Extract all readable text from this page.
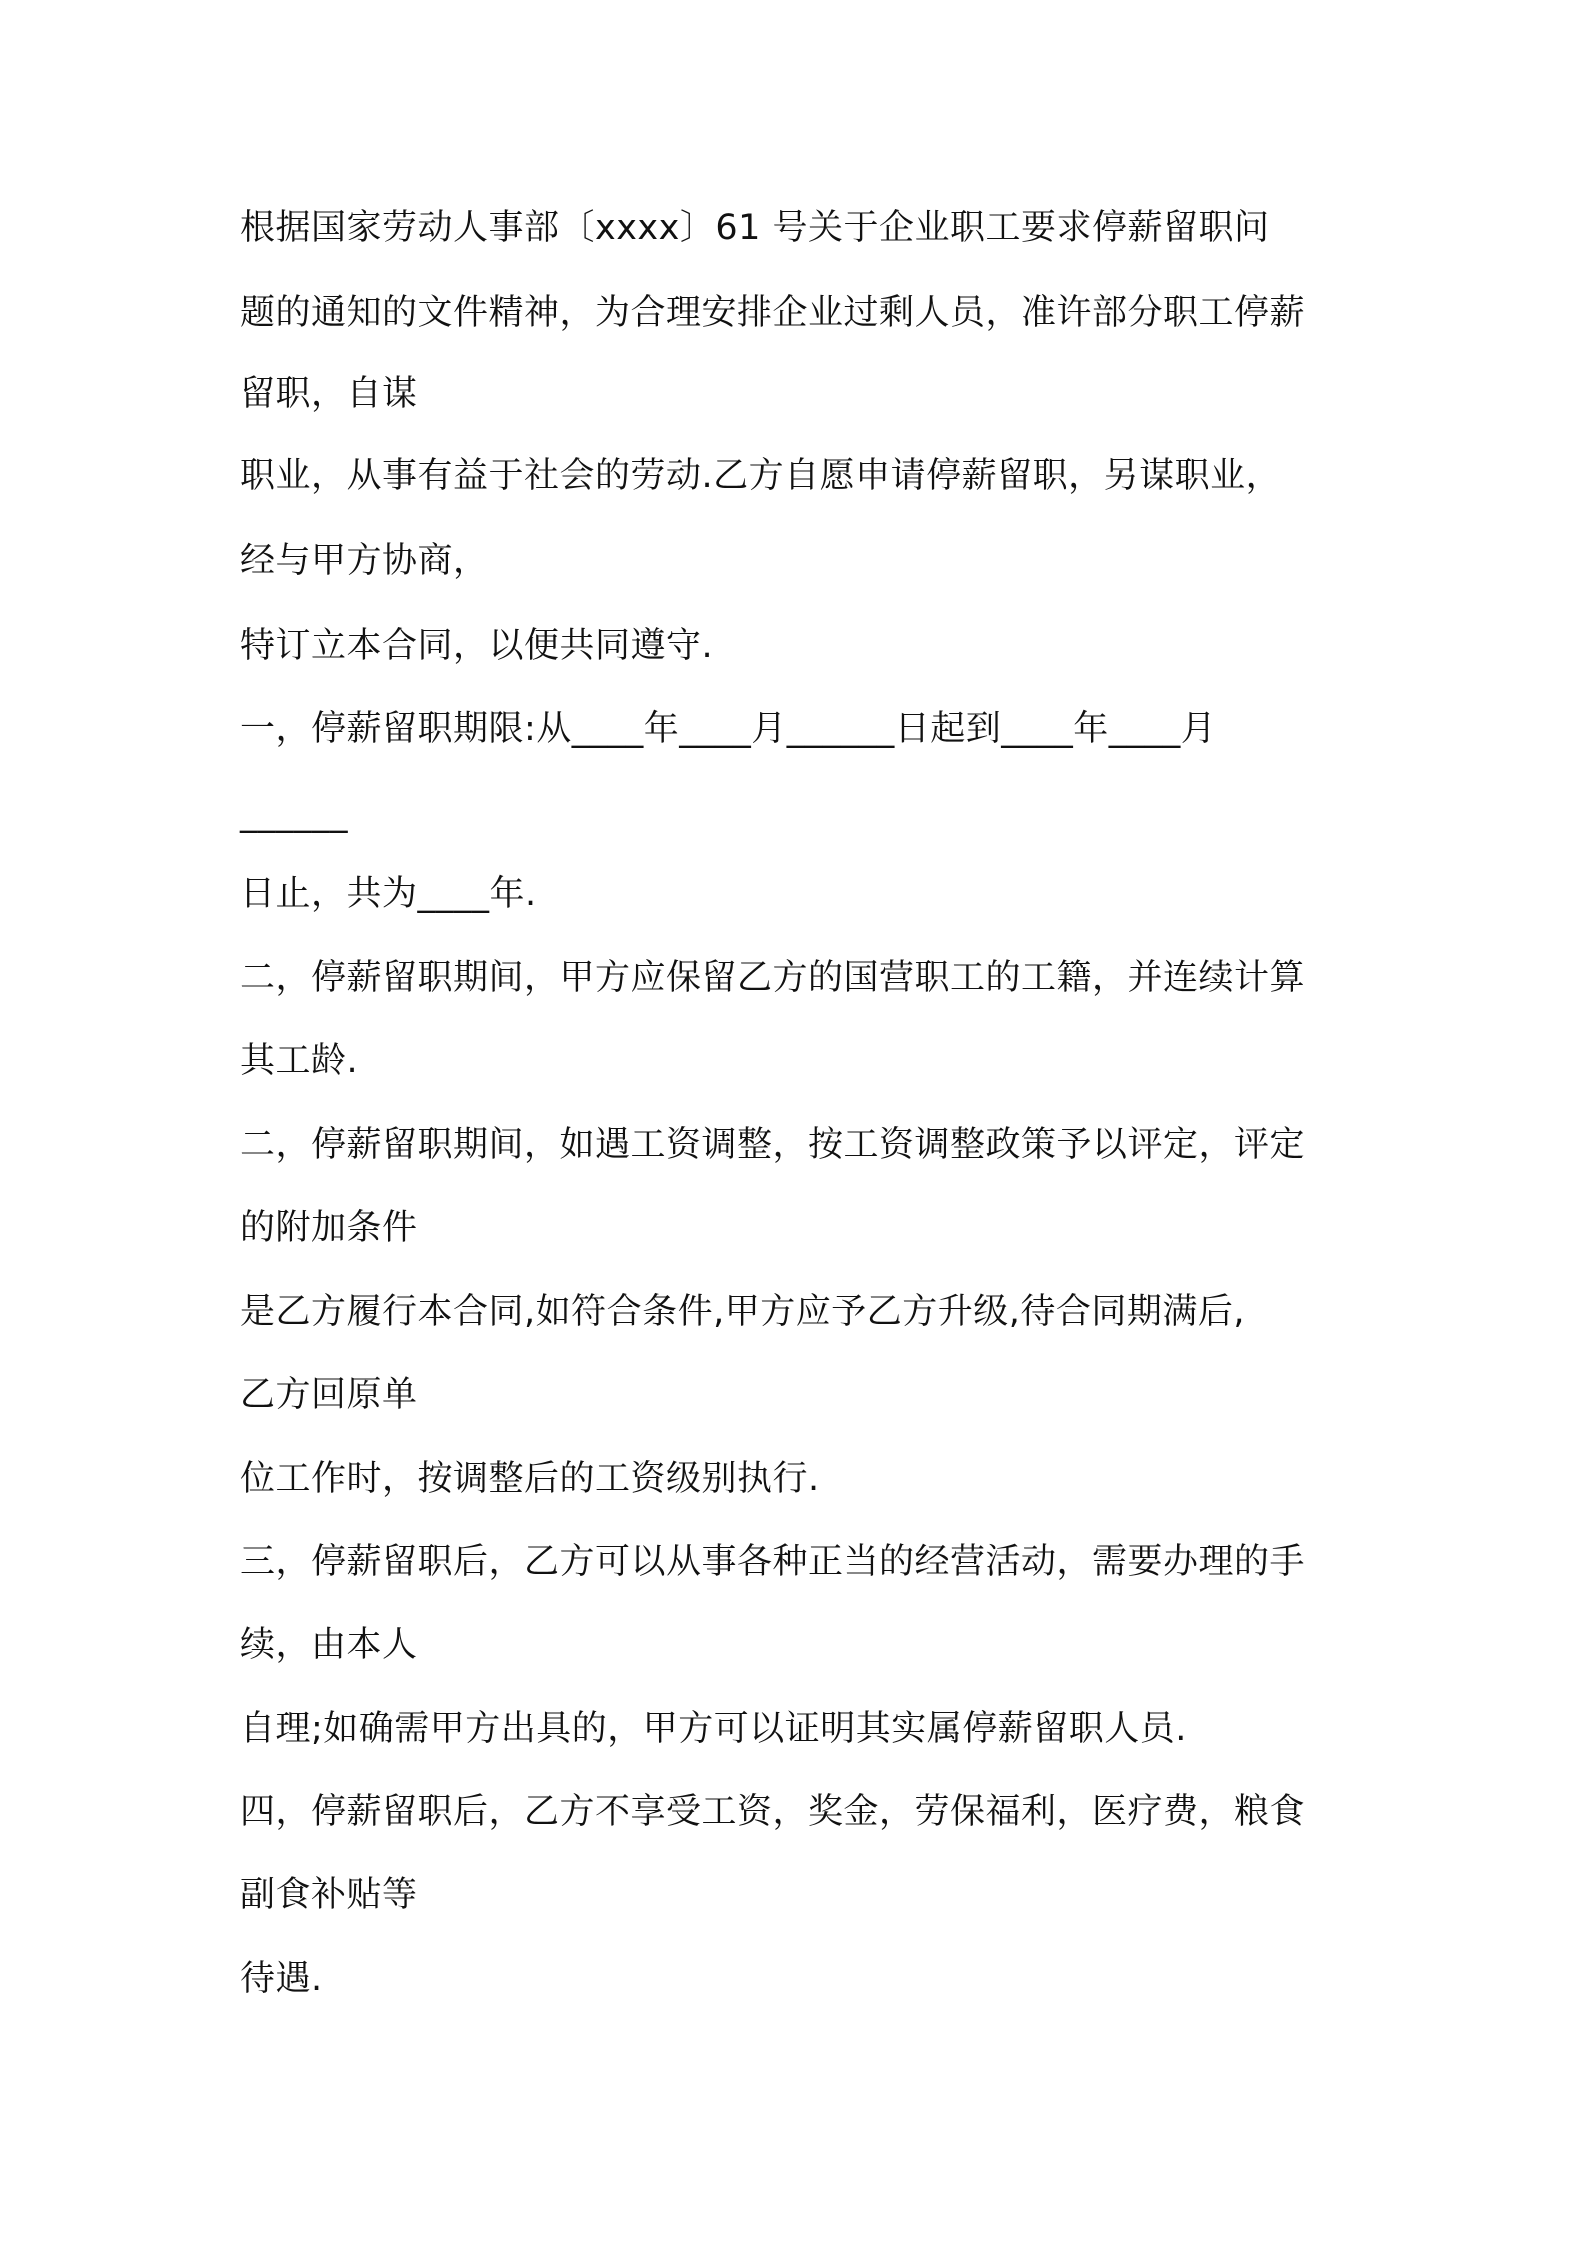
根据国家劳动人事部〔xxxx〕61 号关于企业职工要求停薪留职问
题的通知的文件精神，为合理安排企业过剩人员，准许部分职工停薪
留职，自谋
职业，从事有益于社会的劳动.乙方自愿申请停薪留职，另谋职业，
经与甲方协商，
特订立本合同，以便共同遵守.
一，停薪留职期限:从____年____月______日起到____年____月
______
日止，共为____年.
二，停薪留职期间，甲方应保留乙方的国营职工的工籍，并连续计算
其工龄.
二，停薪留职期间，如遇工资调整，按工资调整政策予以评定，评定
的附加条件
是乙方履行本合同,如符合条件,甲方应予乙方升级,待合同期满后,
乙方回原单
位工作时，按调整后的工资级别执行.
三，停薪留职后，乙方可以从事各种正当的经营活动，需要办理的手
续，由本人
自理;如确需甲方出具的，甲方可以证明其实属停薪留职人员.
四，停薪留职后，乙方不享受工资，奖金，劳保福利，医疗费，粮食
副食补贴等
待遇.
